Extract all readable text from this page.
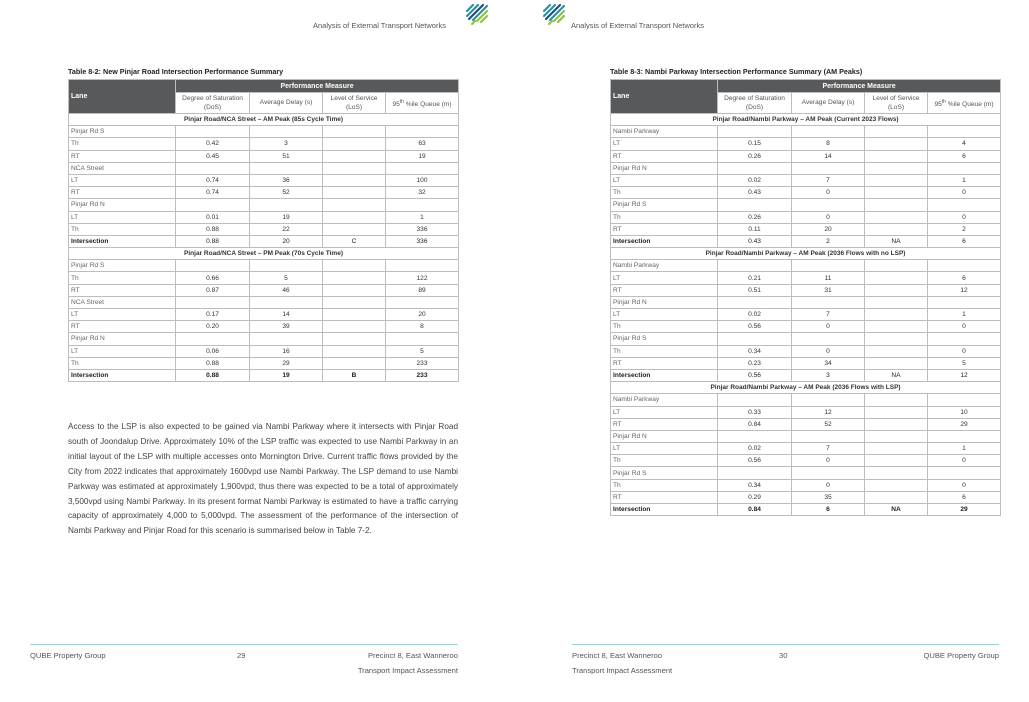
Analysis of External Transport Networks
Table 8-2: New Pinjar Road Intersection Performance Summary
Lane	Performance Measure			
	Degree of Saturation (DoS)	Average Delay (s)	Level of Service (LoS)	95th %ile Queue (m)
Pinjar Road/NCA Street – AM Peak (85s Cycle Time)				
Pinjar Rd S				
Th	0.42	3		63
RT	0.45	51		19
NCA Street				
LT	0.74	36		100
RT	0.74	52		32
Pinjar Rd N				
LT	0.01	19		1
Th	0.88	22		336
Intersection	0.88	20	C	336
Pinjar Road/NCA Street – PM Peak (70s Cycle Time)				
Pinjar Rd S				
Th	0.66	5		122
RT	0.87	46		89
NCA Street				
LT	0.17	14		20
RT	0.20	39		8
Pinjar Rd N				
LT	0.06	16		5
Th	0.88	29		233
Intersection	0.88	19	B	233
Access to the LSP is also expected to be gained via Nambi Parkway where it intersects with Pinjar Road south of Joondalup Drive. Approximately 10% of the LSP traffic was expected to use Nambi Parkway in an initial layout of the LSP with multiple accesses onto Mornington Drive. Current traffic flows provided by the City from 2022 indicates that approximately 1600vpd use Nambi Parkway. The LSP demand to use Nambi Parkway was estimated at approximately 1,900vpd, thus there was expected to be a total of approximately 3,500vpd using Nambi Parkway. In its present format Nambi Parkway is estimated to have a traffic carrying capacity of approximately 4,000 to 5,000vpd. The assessment of the performance of the intersection of Nambi Parkway and Pinjar Road for this scenario is summarised below in Table 7-2.
QUBE Property Group	29	Precinct 8, East Wanneroo
Transport Impact Assessment
Analysis of External Transport Networks
Table 8-3: Nambi Parkway Intersection Performance Summary (AM Peaks)
Lane	Performance Measure			
	Degree of Saturation (DoS)	Average Delay (s)	Level of Service (LoS)	95th %ile Queue (m)
Pinjar Road/Nambi Parkway – AM Peak (Current 2023 Flows)				
Nambi Parkway				
LT	0.15	8		4
RT	0.26	14		6
Pinjar Rd N				
LT	0.02	7		1
Th	0.43	0		0
Pinjar Rd S				
Th	0.26	0		0
RT	0.11	20		2
Intersection	0.43	2	NA	6
Pinjar Road/Nambi Parkway – AM Peak (2036 Flows with no LSP)				
Nambi Parkway				
LT	0.21	11		6
RT	0.51	31		12
Pinjar Rd N				
LT	0.02	7		1
Th	0.56	0		0
Pinjar Rd S				
Th	0.34	0		0
RT	0.23	34		5
Intersection	0.56	3	NA	12
Pinjar Road/Nambi Parkway – AM Peak (2036 Flows with LSP)				
Nambi Parkway				
LT	0.33	12		10
RT	0.84	52		29
Pinjar Rd N				
LT	0.02	7		1
Th	0.56	0		0
Pinjar Rd S				
Th	0.34	0		0
RT	0.29	35		6
Intersection	0.84	6	NA	29
Precinct 8, East Wanneroo
Transport Impact Assessment
30	QUBE Property Group
